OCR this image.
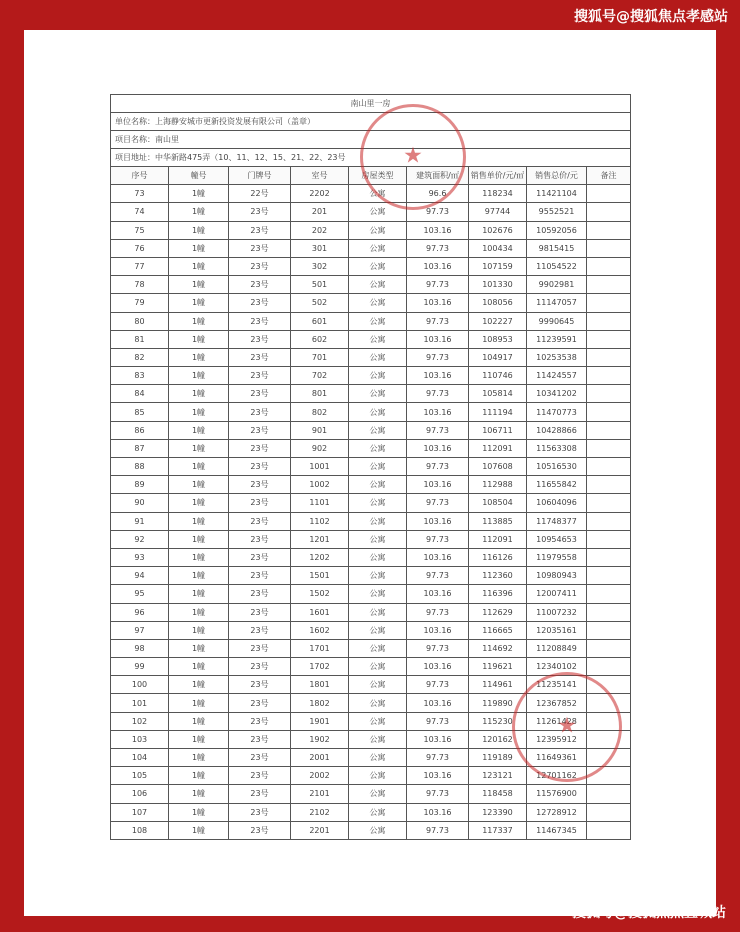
搜狐号@搜狐焦点孝感站
南山里一房								
单位名称：上海静安城市更新投资发展有限公司（盖章）								
项目名称：南山里								
项目地址：中华新路475弄（10、11、12、15、21、22、23号								
序号	幢号	门牌号	室号	房屋类型	建筑面积/㎡	销售单价/元/㎡	销售总价/元	备注
73	1幢	22号	2202	公寓	96.6	118234	11421104	
74	1幢	23号	201	公寓	97.73	97744	9552521	
75	1幢	23号	202	公寓	103.16	102676	10592056	
76	1幢	23号	301	公寓	97.73	100434	9815415	
77	1幢	23号	302	公寓	103.16	107159	11054522	
78	1幢	23号	501	公寓	97.73	101330	9902981	
79	1幢	23号	502	公寓	103.16	108056	11147057	
80	1幢	23号	601	公寓	97.73	102227	9990645	
81	1幢	23号	602	公寓	103.16	108953	11239591	
82	1幢	23号	701	公寓	97.73	104917	10253538	
83	1幢	23号	702	公寓	103.16	110746	11424557	
84	1幢	23号	801	公寓	97.73	105814	10341202	
85	1幢	23号	802	公寓	103.16	111194	11470773	
86	1幢	23号	901	公寓	97.73	106711	10428866	
87	1幢	23号	902	公寓	103.16	112091	11563308	
88	1幢	23号	1001	公寓	97.73	107608	10516530	
89	1幢	23号	1002	公寓	103.16	112988	11655842	
90	1幢	23号	1101	公寓	97.73	108504	10604096	
91	1幢	23号	1102	公寓	103.16	113885	11748377	
92	1幢	23号	1201	公寓	97.73	112091	10954653	
93	1幢	23号	1202	公寓	103.16	116126	11979558	
94	1幢	23号	1501	公寓	97.73	112360	10980943	
95	1幢	23号	1502	公寓	103.16	116396	12007411	
96	1幢	23号	1601	公寓	97.73	112629	11007232	
97	1幢	23号	1602	公寓	103.16	116665	12035161	
98	1幢	23号	1701	公寓	97.73	114692	11208849	
99	1幢	23号	1702	公寓	103.16	119621	12340102	
100	1幢	23号	1801	公寓	97.73	114961	11235141	
101	1幢	23号	1802	公寓	103.16	119890	12367852	
102	1幢	23号	1901	公寓	97.73	115230	11261428	
103	1幢	23号	1902	公寓	103.16	120162	12395912	
104	1幢	23号	2001	公寓	97.73	119189	11649361	
105	1幢	23号	2002	公寓	103.16	123121	12701162	
106	1幢	23号	2101	公寓	97.73	118458	11576900	
107	1幢	23号	2102	公寓	103.16	123390	12728912	
108	1幢	23号	2201	公寓	97.73	117337	11467345	
★
★
搜狐号@搜狐焦点宜城站
